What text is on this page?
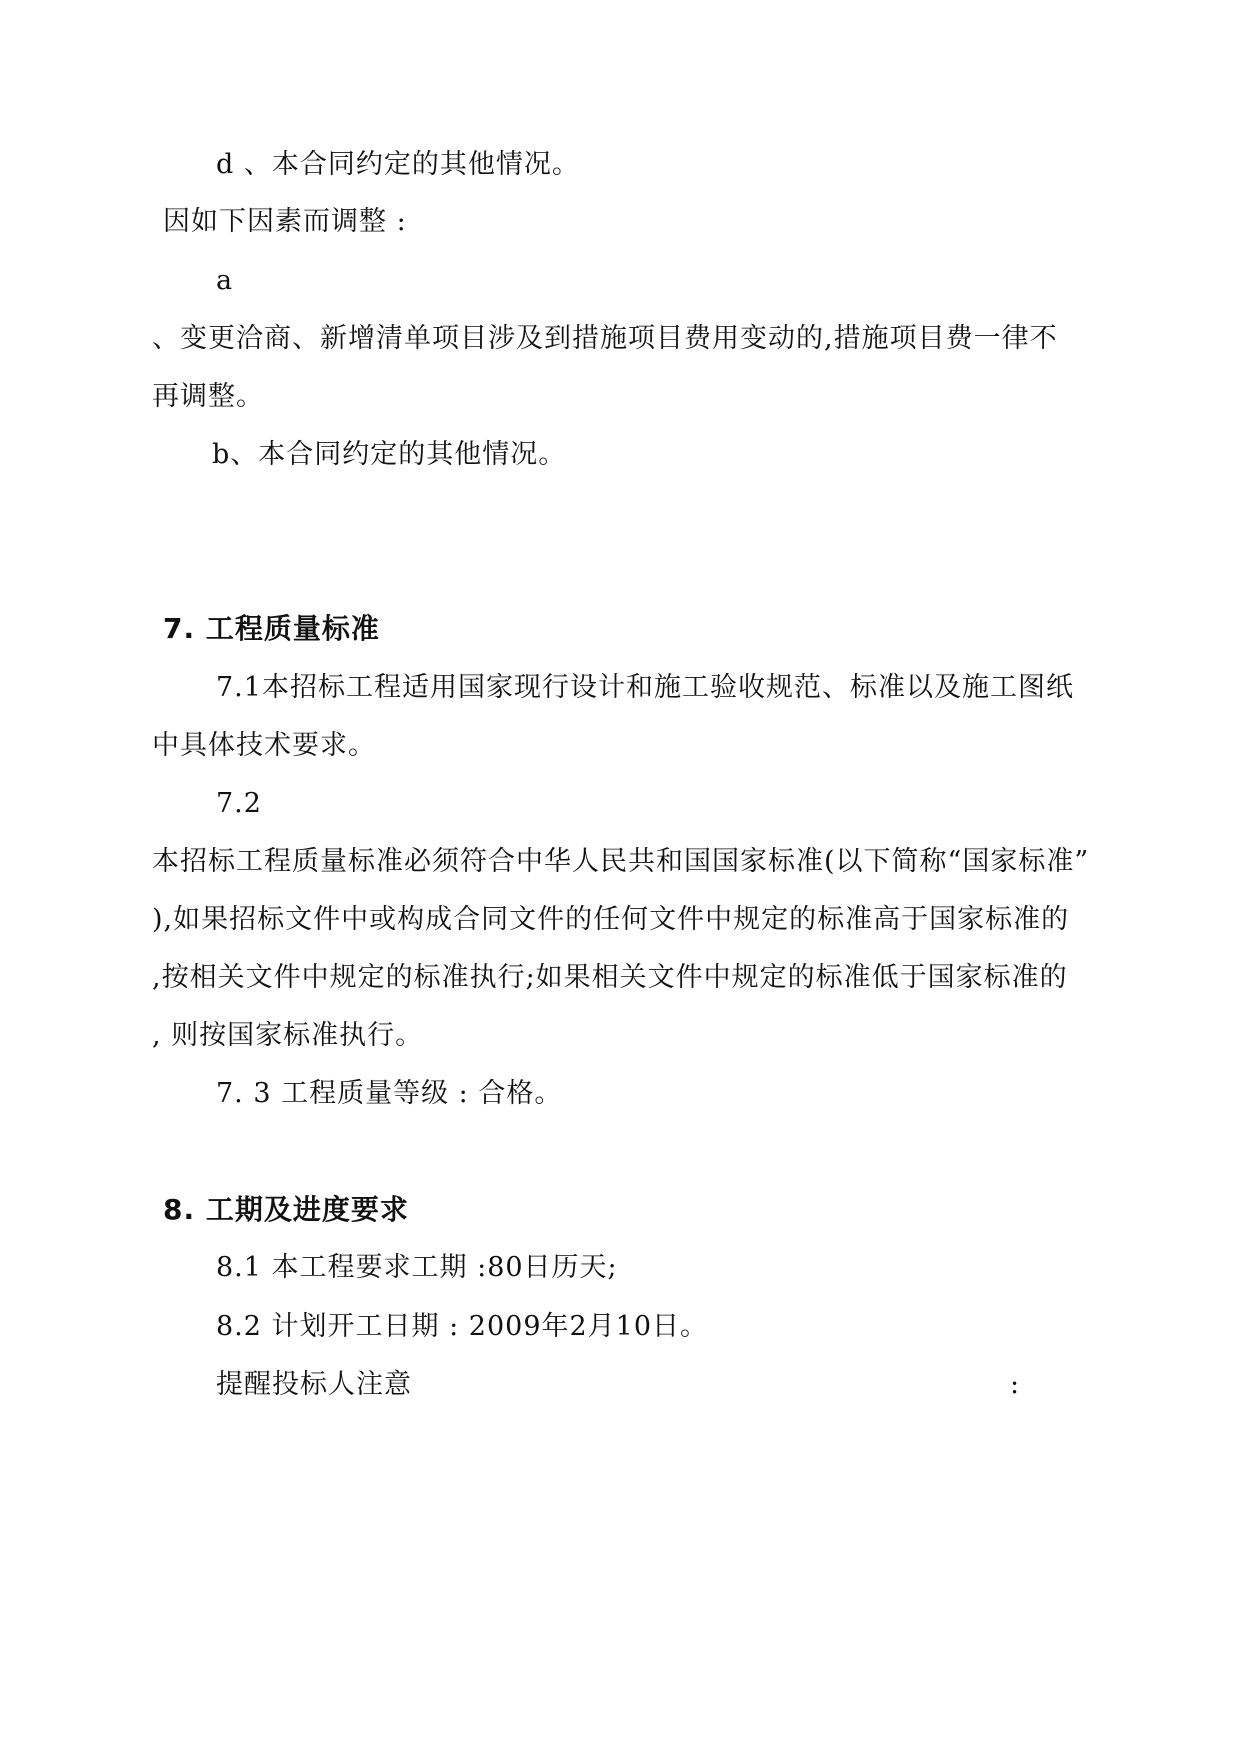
d 、本合同约定的其他情况。
因如下因素而调整 :
a
、变更洽商、新增清单项目涉及到措施项目费用变动的,措施项目费一律不
再调整。
b、本合同约定的其他情况。
7. 工程质量标准
7.1本招标工程适用国家现行设计和施工验收规范、标准以及施工图纸
中具体技术要求。
7.2
本招标工程质量标准必须符合中华人民共和国国家标准(以下简称“国家标准”
),如果招标文件中或构成合同文件的任何文件中规定的标准高于国家标准的
,按相关文件中规定的标准执行;如果相关文件中规定的标准低于国家标准的
, 则按国家标准执行。
7. 3 工程质量等级 : 合格。
8. 工期及进度要求
8.1 本工程要求工期 :80日历天;
8.2 计划开工日期 : 2009年2月10日。
提醒投标人注意	:
